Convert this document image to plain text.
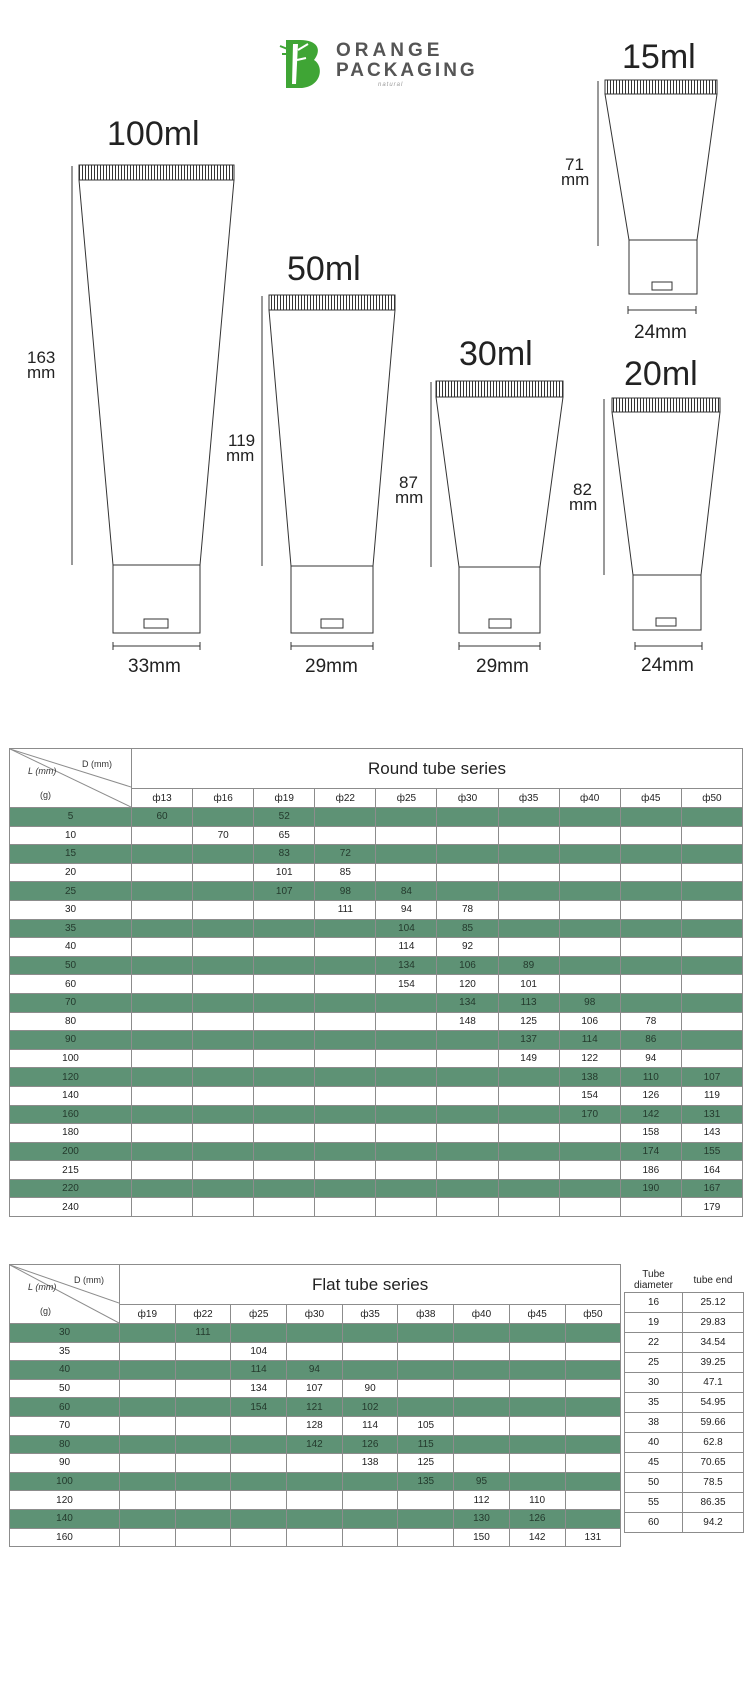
ORANGE
PACKAGING
natural
100ml
163
mm
33mm
50ml
119
mm
29mm
30ml
87
mm
29mm
20ml
82
mm
24mm
15ml
71
mm
24mm
L (mm)
D (mm)
(g)	Round tube series									
	ф13	ф16	ф19	ф22	ф25	ф30	ф35	ф40	ф45	ф50
5	60		52							
10		70	65							
15			83	72						
20			101	85						
25			107	98	84					
30				111	94	78				
35					104	85				
40					114	92				
50					134	106	89			
60					154	120	101			
70						134	113	98		
80						148	125	106	78	
90							137	114	86	
100							149	122	94	
120								138	110	107
140								154	126	119
160								170	142	131
180									158	143
200									174	155
215									186	164
220									190	167
240										179
L (mm)
D (mm)
(g)	Flat tube series								
	ф19	ф22	ф25	ф30	ф35	ф38	ф40	ф45	ф50
30		111							
35			104						
40			114	94					
50			134	107	90				
60			154	121	102				
70				128	114	105			
80				142	126	115			
90					138	125			
100						135	95		
120							112	110	
140							130	126	
160							150	142	131
Tube diameter	tube end
16	25.12
19	29.83
22	34.54
25	39.25
30	47.1
35	54.95
38	59.66
40	62.8
45	70.65
50	78.5
55	86.35
60	94.2
